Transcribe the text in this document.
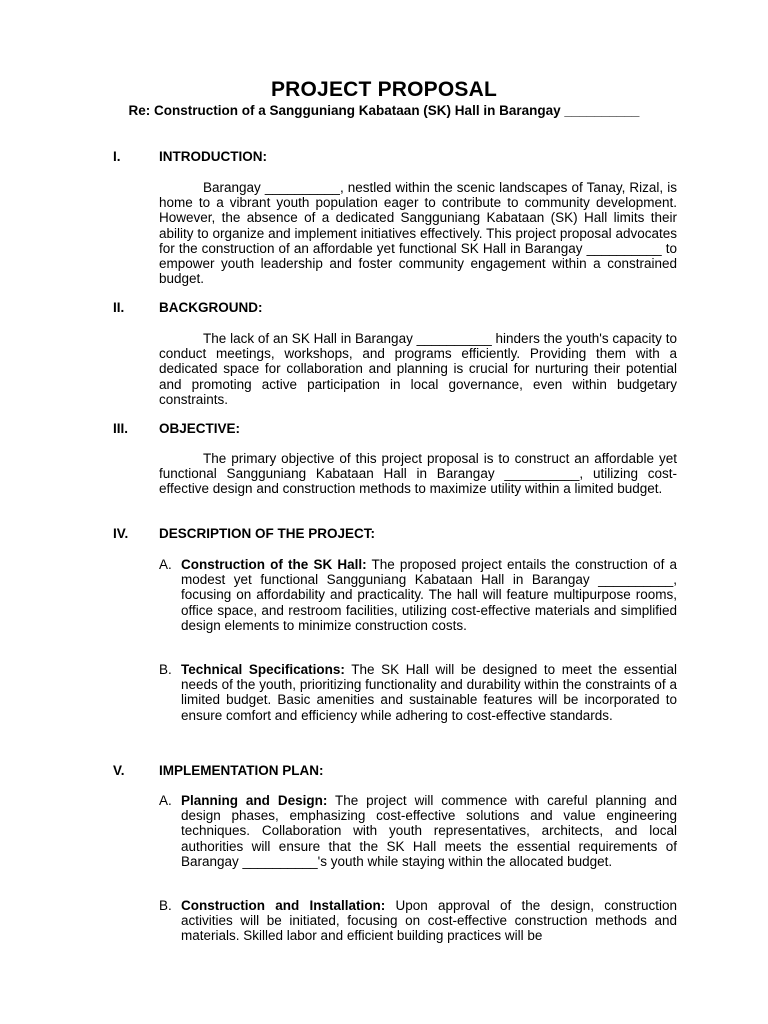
PROJECT PROPOSAL
Re: Construction of a Sangguniang Kabataan (SK) Hall in Barangay __________
I.	INTRODUCTION:

Barangay __________, nestled within the scenic landscapes of Tanay, Rizal, is home to a vibrant youth population eager to contribute to community development. However, the absence of a dedicated Sangguniang Kabataan (SK) Hall limits their ability to organize and implement initiatives effectively. This project proposal advocates for the construction of an affordable yet functional SK Hall in Barangay __________ to empower youth leadership and foster community engagement within a constrained budget.

II.	BACKGROUND:

The lack of an SK Hall in Barangay __________ hinders the youth's capacity to conduct meetings, workshops, and programs efficiently. Providing them with a dedicated space for collaboration and planning is crucial for nurturing their potential and promoting active participation in local governance, even within budgetary constraints.

III. OBJECTIVE:

The primary objective of this project proposal is to construct an affordable yet functional Sangguniang Kabataan Hall in Barangay __________, utilizing cost-effective design and construction methods to maximize utility within a limited budget.

IV. DESCRIPTION OF THE PROJECT:
A. Construction of the SK Hall: The proposed project entails the construction of a modest yet functional Sangguniang Kabataan Hall in Barangay __________, focusing on affordability and practicality. The hall will feature multipurpose rooms, office space, and restroom facilities, utilizing cost-effective materials and simplified design elements to minimize construction costs.

B. Technical Specifications: The SK Hall will be designed to meet the essential needs of the youth, prioritizing functionality and durability within the constraints of a limited budget. Basic amenities and sustainable features will be incorporated to ensure comfort and efficiency while adhering to cost-effective standards.

V.	IMPLEMENTATION PLAN:
A. Planning and Design: The project will commence with careful planning and design phases, emphasizing cost-effective solutions and value engineering techniques. Collaboration with youth representatives, architects, and local authorities will ensure that the SK Hall meets the essential requirements of Barangay __________'s youth while staying within the allocated budget.

B. Construction and Installation: Upon approval of the design, construction activities will be initiated, focusing on cost-effective construction methods and materials. Skilled labor and efficient building practices will be
